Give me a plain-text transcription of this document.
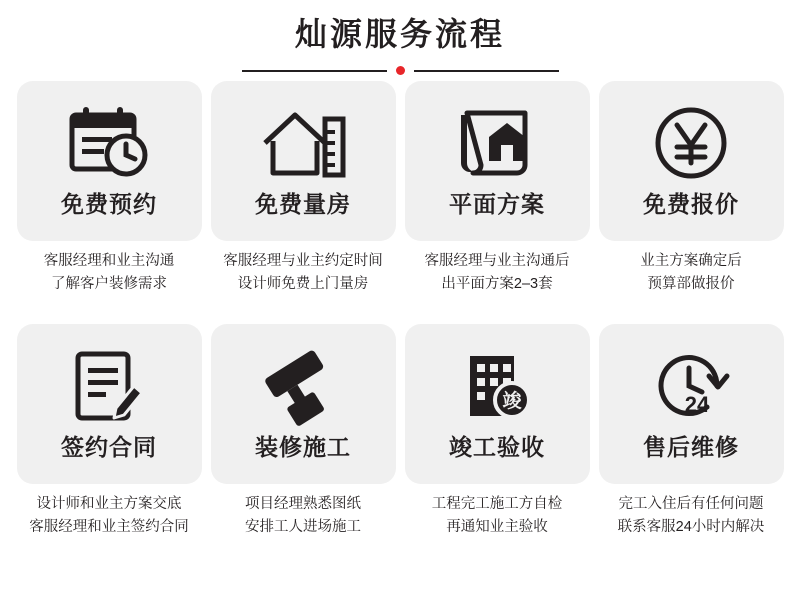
灿源服务流程
免费预约
客服经理和业主沟通
了解客户装修需求
免费量房
客服经理与业主约定时间
设计师免费上门量房
平面方案
客服经理与业主沟通后
出平面方案2–3套
免费报价
业主方案确定后
预算部做报价
签约合同
设计师和业主方案交底
客服经理和业主签约合同
装修施工
项目经理熟悉图纸
安排工人进场施工
竣
竣工验收
工程完工施工方自检
再通知业主验收
24
售后维修
完工入住后有任何问题
联系客服24小时内解决
